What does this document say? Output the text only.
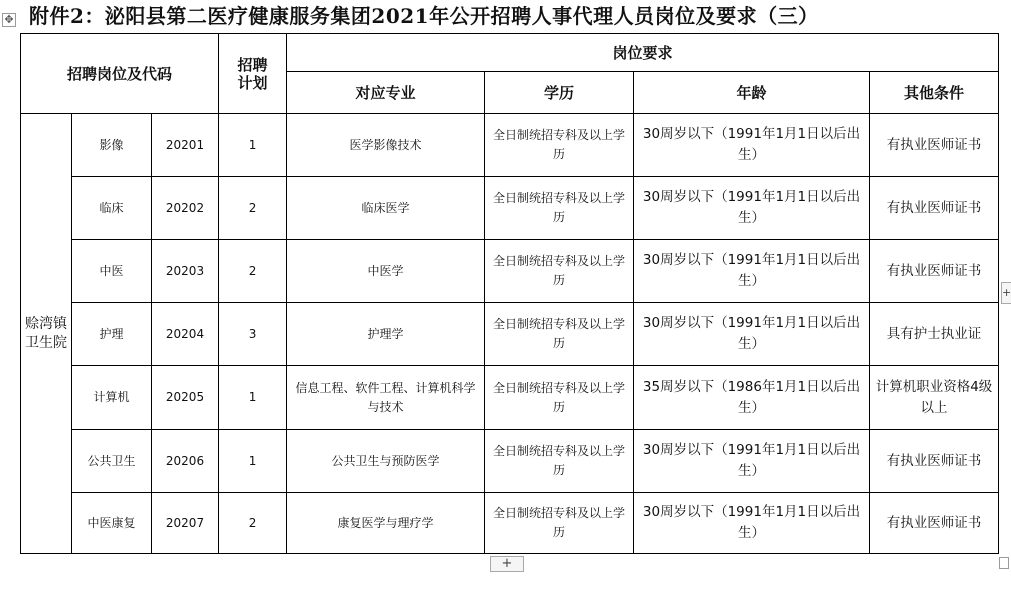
附件2：泌阳县第二医疗健康服务集团2021年公开招聘人事代理人员岗位及要求（三）
✥
招聘岗位及代码			招聘计划	岗位要求			
				对应专业	学历	年龄	其他条件
赊湾镇卫生院	影像	20201	1	医学影像技术	全日制统招专科及以上学历	30周岁以下（1991年1月1日以后出生）	有执业医师证书
	临床	20202	2	临床医学	全日制统招专科及以上学历	30周岁以下（1991年1月1日以后出生）	有执业医师证书
	中医	20203	2	中医学	全日制统招专科及以上学历	30周岁以下（1991年1月1日以后出生）	有执业医师证书
	护理	20204	3	护理学	全日制统招专科及以上学历	30周岁以下（1991年1月1日以后出生）	具有护士执业证
	计算机	20205	1	信息工程、软件工程、计算机科学与技术	全日制统招专科及以上学历	35周岁以下（1986年1月1日以后出生）	计算机职业资格4级以上
	公共卫生	20206	1	公共卫生与预防医学	全日制统招专科及以上学历	30周岁以下（1991年1月1日以后出生）	有执业医师证书
	中医康复	20207	2	康复医学与理疗学	全日制统招专科及以上学历	30周岁以下（1991年1月1日以后出生）	有执业医师证书
+
+
